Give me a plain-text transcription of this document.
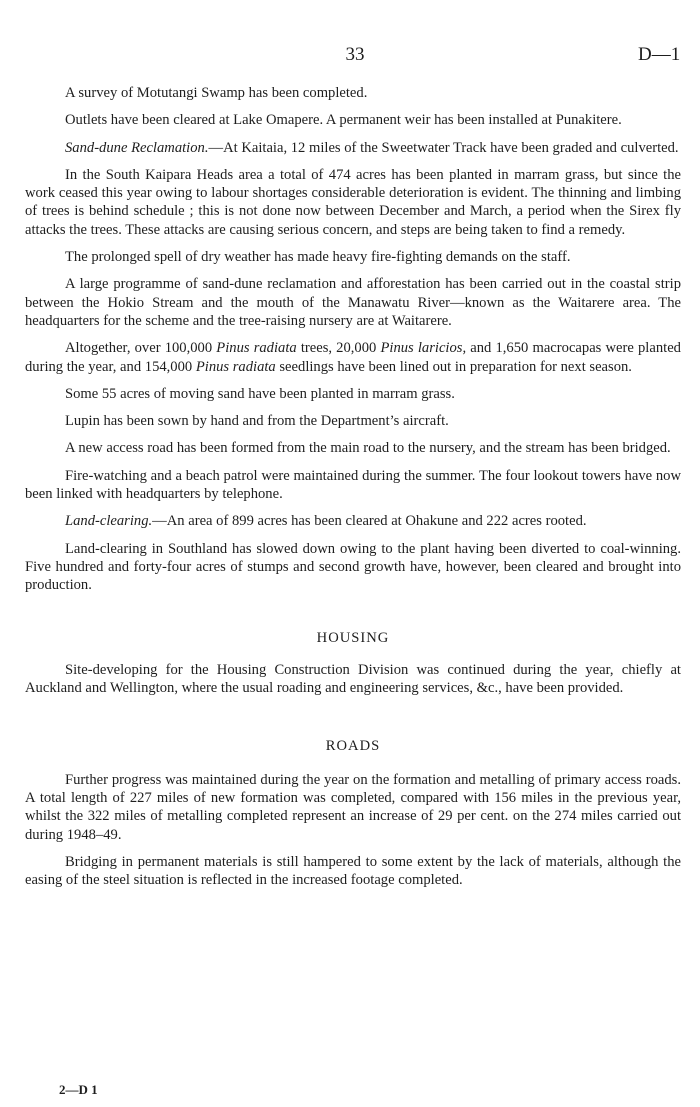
33	D—1

A survey of Motutangi Swamp has been completed.

Outlets have been cleared at Lake Omapere. A permanent weir has been installed at Punakitere.

Sand-dune Reclamation.—At Kaitaia, 12 miles of the Sweetwater Track have been graded and culverted.

In the South Kaipara Heads area a total of 474 acres has been planted in marram grass, but since the work ceased this year owing to labour shortages considerable deterioration is evident. The thinning and limbing of trees is behind schedule ; this is not done now between December and March, a period when the Sirex fly attacks the trees. These attacks are causing serious concern, and steps are being taken to find a remedy.

The prolonged spell of dry weather has made heavy fire-fighting demands on the staff.

A large programme of sand-dune reclamation and afforestation has been carried out in the coastal strip between the Hokio Stream and the mouth of the Manawatu River—known as the Waitarere area. The headquarters for the scheme and the tree-raising nursery are at Waitarere.

Altogether, over 100,000 Pinus radiata trees, 20,000 Pinus laricios, and 1,650 macrocapas were planted during the year, and 154,000 Pinus radiata seedlings have been lined out in preparation for next season.

Some 55 acres of moving sand have been planted in marram grass.

Lupin has been sown by hand and from the Department’s aircraft.

A new access road has been formed from the main road to the nursery, and the stream has been bridged.

Fire-watching and a beach patrol were maintained during the summer. The four lookout towers have now been linked with headquarters by telephone.

Land-clearing.—An area of 899 acres has been cleared at Ohakune and 222 acres rooted.

Land-clearing in Southland has slowed down owing to the plant having been diverted to coal-winning. Five hundred and forty-four acres of stumps and second growth have, however, been cleared and brought into production.

HOUSING

Site-developing for the Housing Construction Division was continued during the year, chiefly at Auckland and Wellington, where the usual roading and engineering services, &c., have been provided.

ROADS

Further progress was maintained during the year on the formation and metalling of primary access roads. A total length of 227 miles of new formation was completed, compared with 156 miles in the previous year, whilst the 322 miles of metalling completed represent an increase of 29 per cent. on the 274 miles carried out during 1948–49.

Bridging in permanent materials is still hampered to some extent by the lack of materials, although the easing of the steel situation is reflected in the increased footage completed.

2—D 1
